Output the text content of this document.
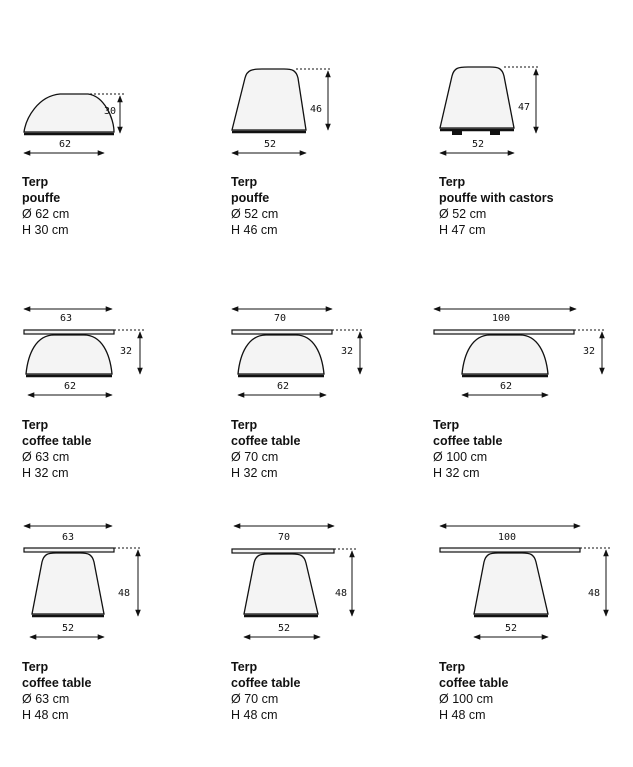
30
62
46
52
47
52
63
32
62
70
32
62
100
32
62
63
48
52
70
48
52
100
48
52
Terp
pouffe
Ø 62 cm
H 30 cm
Terp
pouffe
Ø 52 cm
H 46 cm
Terp
pouffe with castors
Ø 52 cm
H 47 cm
Terp
coffee table
Ø 63 cm
H 32 cm
Terp
coffee table
Ø 70 cm
H 32 cm
Terp
coffee table
Ø 100 cm
H 32 cm
Terp
coffee table
Ø 63 cm
H 48 cm
Terp
coffee table
Ø 70 cm
H 48 cm
Terp
coffee table
Ø 100 cm
H 48 cm
